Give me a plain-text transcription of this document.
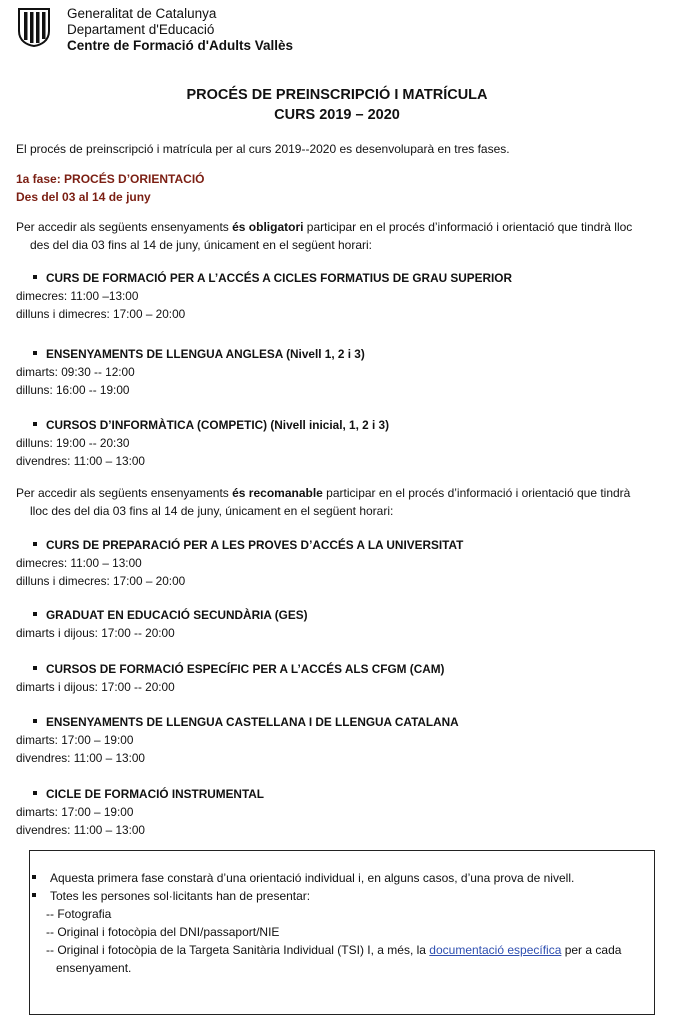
Generalitat de Catalunya
Departament d'Educació
Centre de Formació d'Adults Vallès
PROCÉS DE PREINSCRIPCIÓ I MATRÍCULA
CURS 2019 – 2020
El procés de preinscripció i matrícula per al curs 2019--2020 es desenvoluparà en tres fases.
1a fase: PROCÉS D’ORIENTACIÓ
Des del 03 al 14 de juny
Per accedir als següents ensenyaments és obligatori participar en el procés d’informació i orientació que tindrà lloc
des del dia 03 fins al 14 de juny, únicament en el següent horari:
CURS DE FORMACIÓ PER A L’ACCÉS A CICLES FORMATIUS DE GRAU SUPERIOR
dimecres: 11:00 –13:00
dilluns i dimecres: 17:00 – 20:00
ENSENYAMENTS DE LLENGUA ANGLESA (Nivell 1, 2 i 3)
dimarts: 09:30 -- 12:00
dilluns: 16:00 -- 19:00
CURSOS D’INFORMÀTICA (COMPETIC) (Nivell inicial, 1, 2 i 3)
dilluns: 19:00 -- 20:30
divendres: 11:00 – 13:00
Per accedir als següents ensenyaments és recomanable participar en el procés d’informació i orientació que tindrà
lloc des del dia 03 fins al 14 de juny, únicament en el següent horari:
CURS DE PREPARACIÓ PER A LES PROVES D’ACCÉS A LA UNIVERSITAT
dimecres: 11:00 – 13:00
dilluns i dimecres: 17:00 – 20:00
GRADUAT EN EDUCACIÓ SECUNDÀRIA (GES)
dimarts i dijous: 17:00 -- 20:00
CURSOS DE FORMACIÓ ESPECÍFIC PER A L’ACCÉS ALS CFGM (CAM)
dimarts i dijous: 17:00 -- 20:00
ENSENYAMENTS DE LLENGUA CASTELLANA I DE LLENGUA CATALANA
dimarts: 17:00 – 19:00
divendres: 11:00 – 13:00
CICLE DE FORMACIÓ INSTRUMENTAL
dimarts: 17:00 – 19:00
divendres: 11:00 – 13:00
Aquesta primera fase constarà d’una orientació individual i, en alguns casos, d’una prova de nivell.
Totes les persones sol·licitants han de presentar:
-- Fotografia
-- Original i fotocòpia del DNI/passaport/NIE
-- Original i fotocòpia de la Targeta Sanitària Individual (TSI) I, a més, la documentació específica per a cada
ensenyament.
